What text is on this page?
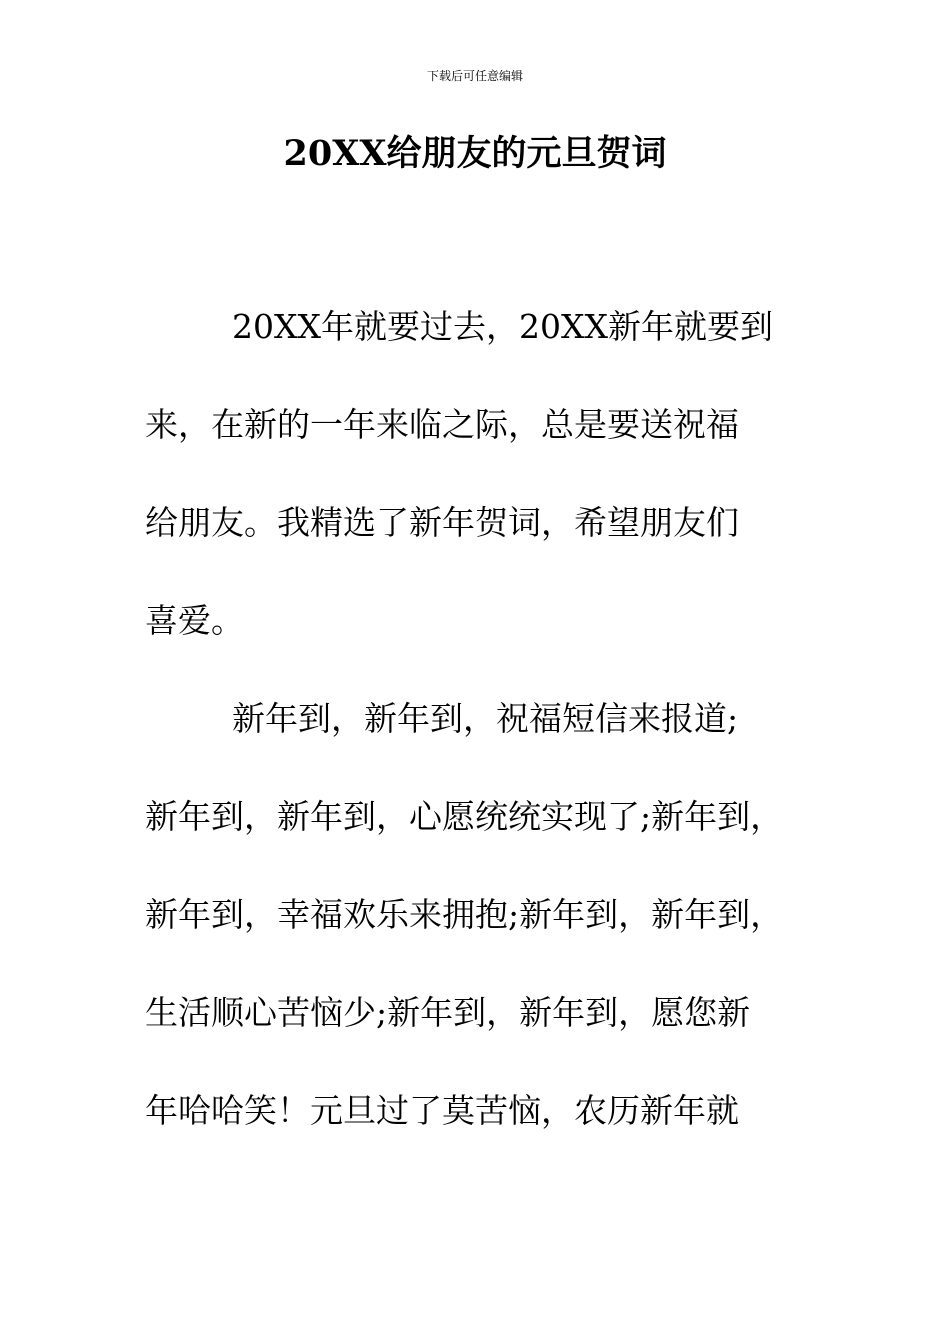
下载后可任意编辑
20XX给朋友的元旦贺词
20XX年就要过去，20XX新年就要到
来，在新的一年来临之际，总是要送祝福
给朋友。我精选了新年贺词，希望朋友们
喜爱。
新年到，新年到，祝福短信来报道;
新年到，新年到，心愿统统实现了;新年到，
新年到，幸福欢乐来拥抱;新年到，新年到，
生活顺心苦恼少;新年到，新年到，愿您新
年哈哈笑！元旦过了莫苦恼，农历新年就
